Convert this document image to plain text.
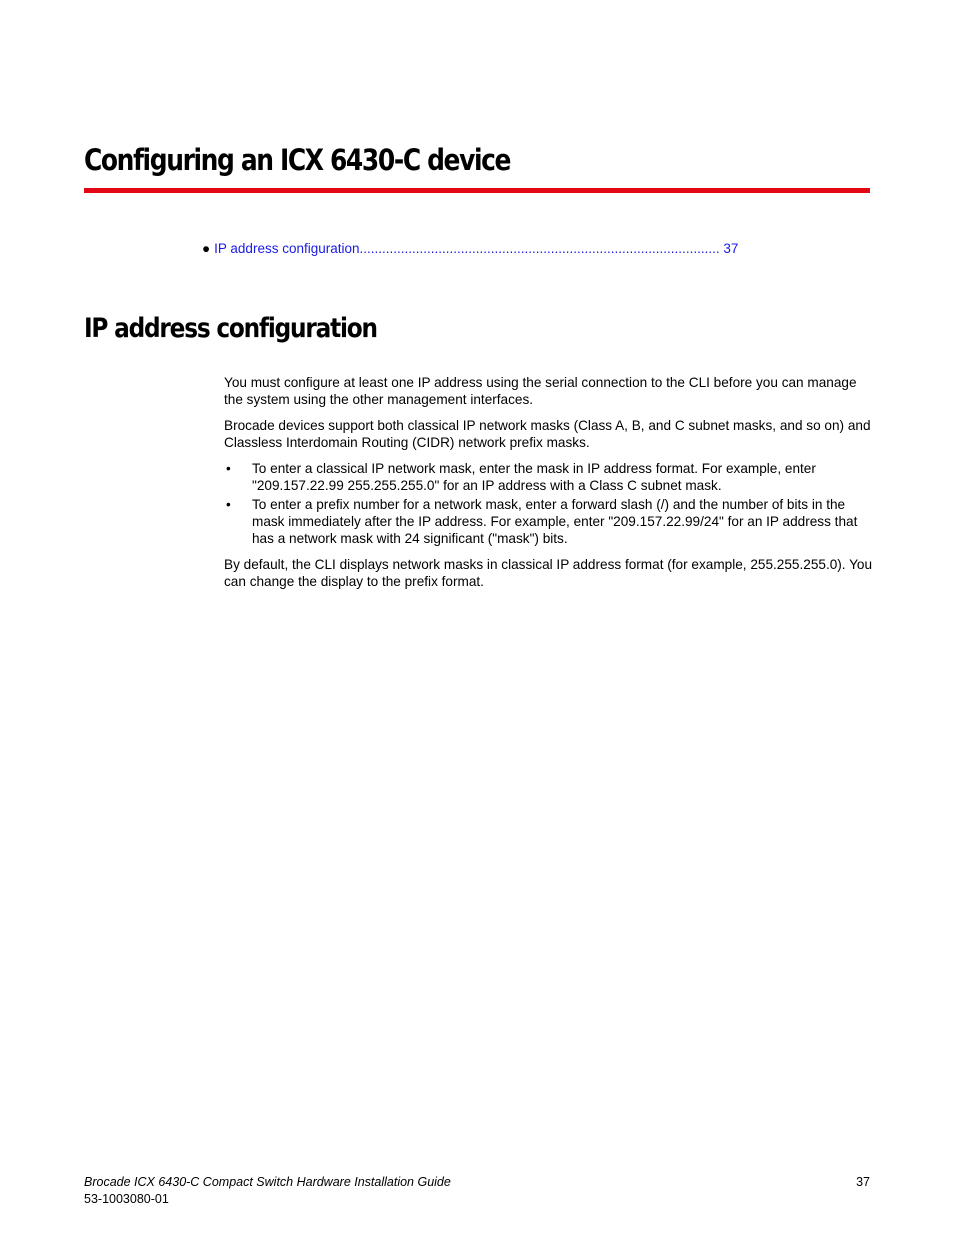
Configuring an ICX 6430-C device
● IP address configuration................................................................................................ 37
IP address configuration

You must configure at least one IP address using the serial connection to the CLI before you can manage the system using the other management interfaces.

Brocade devices support both classical IP network masks (Class A, B, and C subnet masks, and so on) and Classless Interdomain Routing (CIDR) network prefix masks.

• To enter a classical IP network mask, enter the mask in IP address format. For example, enter "209.157.22.99 255.255.255.0" for an IP address with a Class C subnet mask.
• To enter a prefix number for a network mask, enter a forward slash (/) and the number of bits in the mask immediately after the IP address. For example, enter "209.157.22.99/24" for an IP address that has a network mask with 24 significant ("mask") bits.

By default, the CLI displays network masks in classical IP address format (for example, 255.255.255.0). You can change the display to the prefix format.

Brocade ICX 6430-C Compact Switch Hardware Installation Guide
53-1003080-01
37
